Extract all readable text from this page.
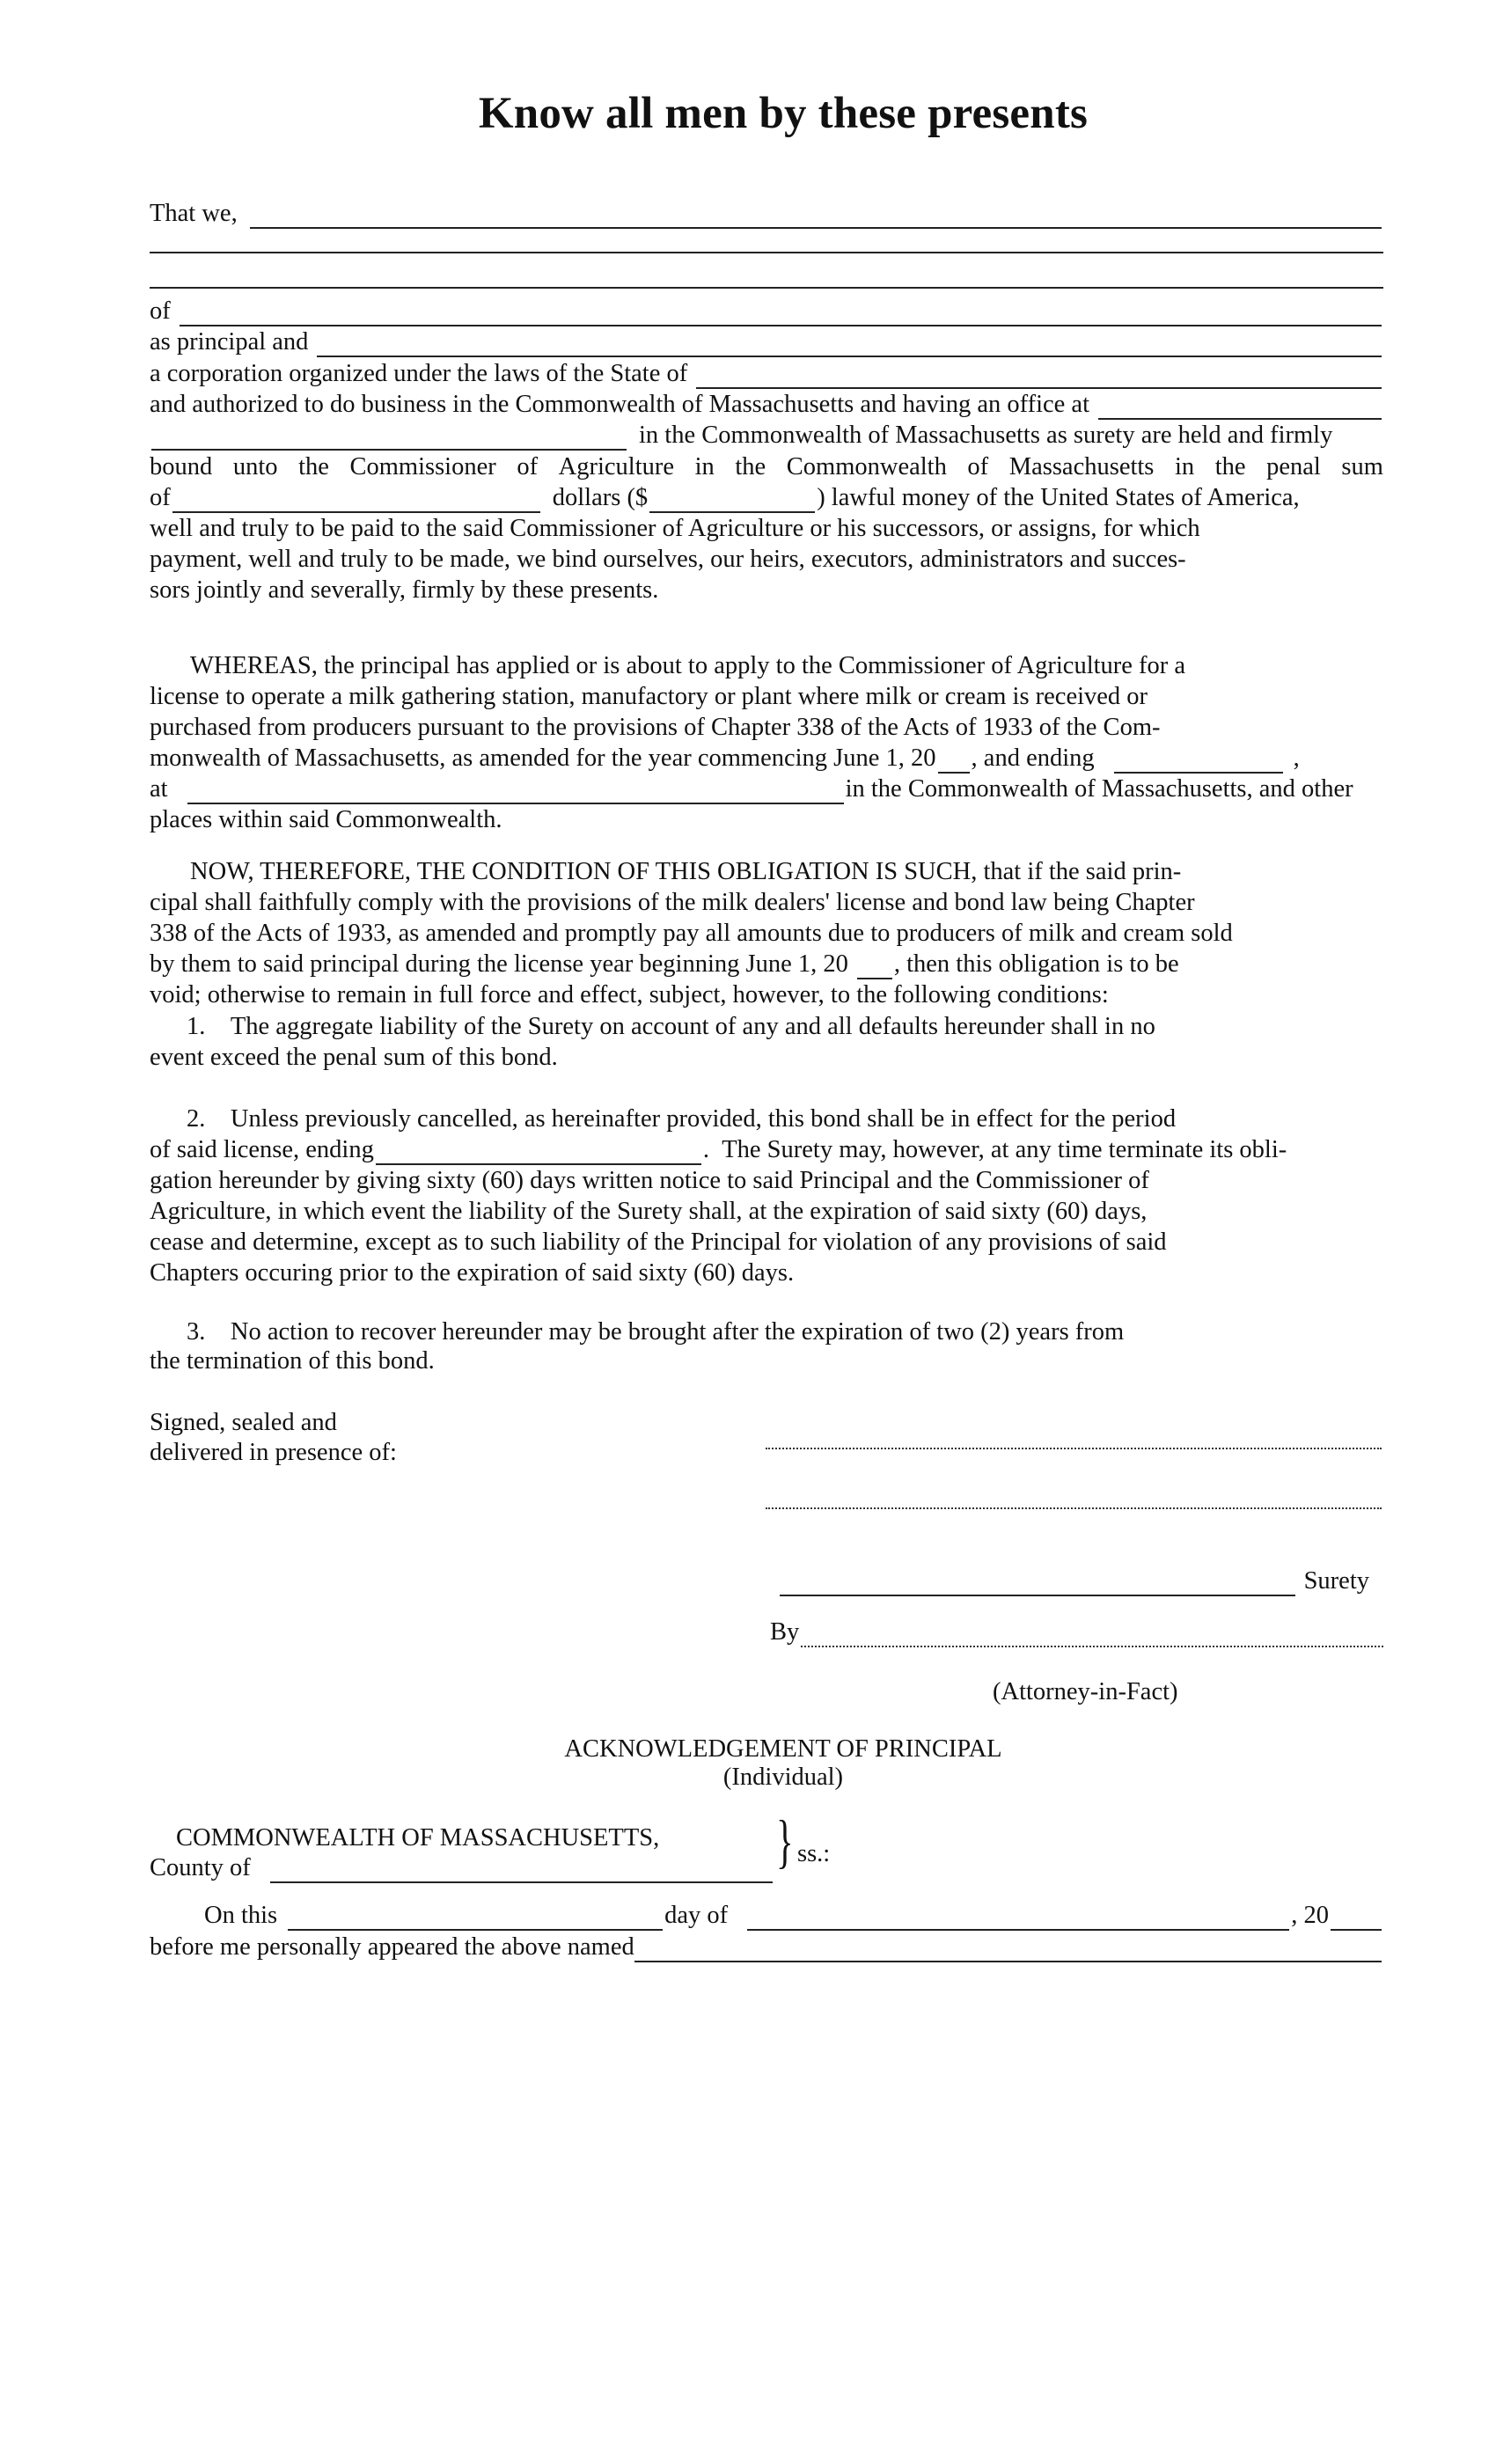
Know all men by these presents
That we,
of
as principal and
a corporation organized under the laws of the State of
and authorized to do business in the Commonwealth of Massachusetts and having an office at
in the Commonwealth of Massachusetts as surety are held and firmly
bound unto the Commissioner of Agriculture in the Commonwealth of Massachusetts in the penal sum
of	dollars ($	) lawful money of the United States of America,
well and truly to be paid to the said Commissioner of Agriculture or his successors, or assigns, for which
payment, well and truly to be made, we bind ourselves, our heirs, executors, administrators and succes-
sors jointly and severally, firmly by these presents.
WHEREAS, the principal has applied or is about to apply to the Commissioner of Agriculture for a
license to operate a milk gathering station, manufactory or plant where milk or cream is received or
purchased from producers pursuant to the provisions of Chapter 338 of the Acts of 1933 of the Com-
monwealth of Massachusetts, as amended for the year commencing June 1, 20 , and ending	,
at	in the Commonwealth of Massachusetts, and other
places within said Commonwealth.
NOW, THEREFORE, THE CONDITION OF THIS OBLIGATION IS SUCH, that if the said prin-
cipal shall faithfully comply with the provisions of the milk dealers' license and bond law being Chapter
338 of the Acts of 1933, as amended and promptly pay all amounts due to producers of milk and cream sold
by them to said principal during the license year beginning June 1, 20 , then this obligation is to be
void; otherwise to remain in full force and effect, subject, however, to the following conditions:
1.    The aggregate liability of the Surety on account of any and all defaults hereunder shall in no
event exceed the penal sum of this bond.
2.    Unless previously cancelled, as hereinafter provided, this bond shall be in effect for the period
of said license, ending	.  The Surety may, however, at any time terminate its obli-
gation hereunder by giving sixty (60) days written notice to said Principal and the Commissioner of
Agriculture, in which event the liability of the Surety shall, at the expiration of said sixty (60) days,
cease and determine, except as to such liability of the Principal for violation of any provisions of said
Chapters occuring prior to the expiration of said sixty (60) days.
3.    No action to recover hereunder may be brought after the expiration of two (2) years from
the termination of this bond.
Signed, sealed and
delivered in presence of:
Surety
By
(Attorney-in-Fact)
ACKNOWLEDGEMENT OF PRINCIPAL
(Individual)
COMMONWEALTH OF MASSACHUSETTS,
County of	} ss.:
On this	day of	, 20
before me personally appeared the above named
